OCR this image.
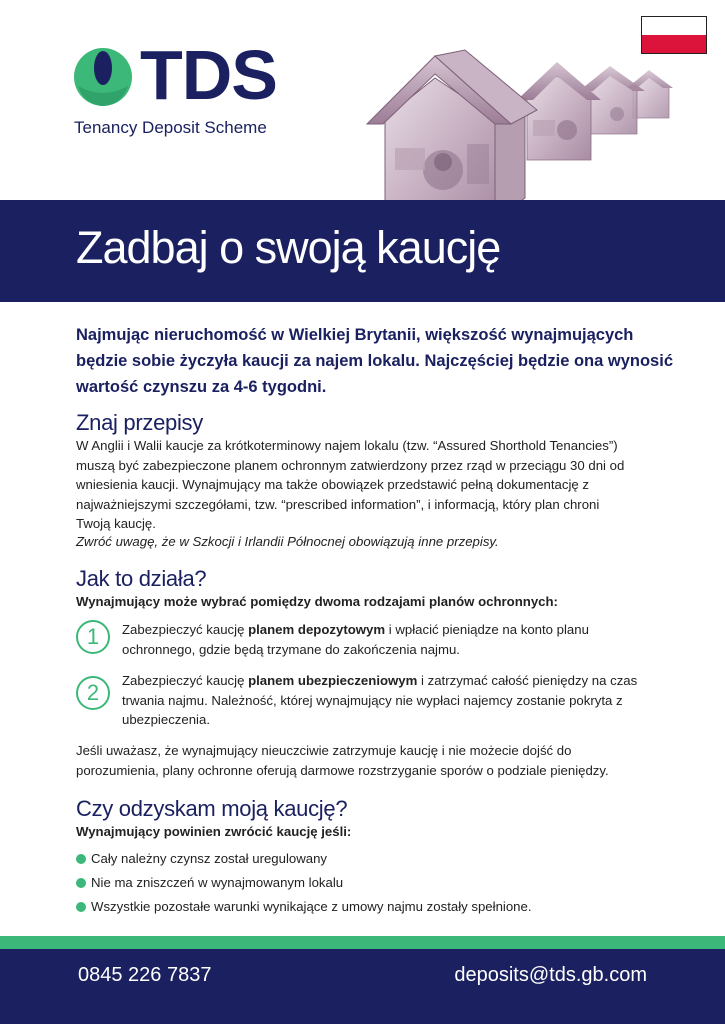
TDS
Tenancy Deposit Scheme
Zadbaj o swoją kaucję
Najmując nieruchomość w Wielkiej Brytanii, większość wynajmujących będzie sobie życzyła kaucji za najem lokalu. Najczęściej będzie ona wynosić wartość czynszu za 4-6 tygodni.
Znaj przepisy
W Anglii i Walii kaucje za krótkoterminowy najem lokalu (tzw. “Assured Shorthold Tenancies”) muszą być zabezpieczone planem ochronnym zatwierdzony przez rząd w przeciągu 30 dni od wniesienia kaucji. Wynajmujący ma także obowiązek przedstawić pełną dokumentację z najważniejszymi szczegółami, tzw. “prescribed information”, i informacją, który plan chroni Twoją kaucję.
Zwróć uwagę, że w Szkocji i Irlandii Północnej obowiązują inne przepisy.
Jak to działa?
Wynajmujący może wybrać pomiędzy dwoma rodzajami planów ochronnych:
1	Zabezpieczyć kaucję planem depozytowym i wpłacić pieniądze na konto planu ochronnego, gdzie będą trzymane do zakończenia najmu.
2	Zabezpieczyć kaucję planem ubezpieczeniowym i zatrzymać całość pieniędzy na czas trwania najmu. Należność, której wynajmujący nie wypłaci najemcy zostanie pokryta z ubezpieczenia.
Jeśli uważasz, że wynajmujący nieuczciwie zatrzymuje kaucję i nie możecie dojść do porozumienia, plany ochronne oferują darmowe rozstrzyganie sporów o podziale pieniędzy.
Czy odzyskam moją kaucję?
Wynajmujący powinien zwrócić kaucję jeśli:
Cały należny czynsz został uregulowany
Nie ma zniszczeń w wynajmowanym lokalu
Wszystkie pozostałe warunki wynikające z umowy najmu zostały spełnione.
0845 226 7837	deposits@tds.gb.com
